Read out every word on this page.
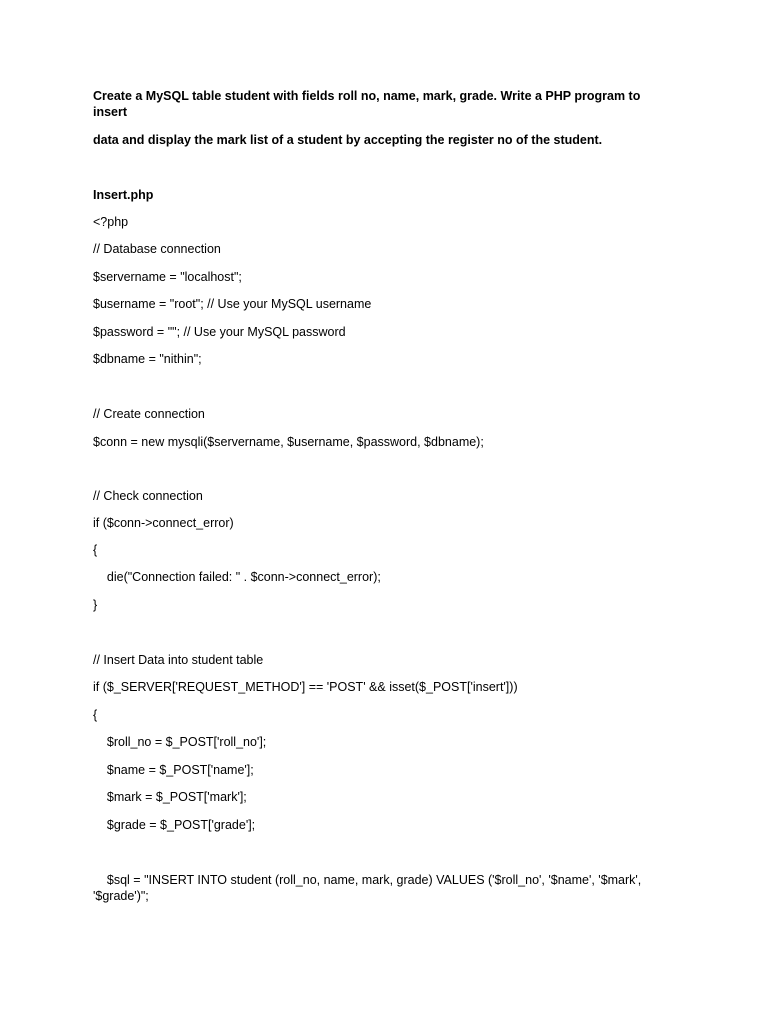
Create a MySQL table student with fields roll no, name, mark, grade. Write a PHP program to insert
data and display the mark list of a student by accepting the register no of the student.
Insert.php
<?php
// Database connection
$servername = "localhost";
$username = "root"; // Use your MySQL username
$password = ""; // Use your MySQL password
$dbname = "nithin";
// Create connection
$conn = new mysqli($servername, $username, $password, $dbname);
// Check connection
if ($conn->connect_error)
{
die("Connection failed: " . $conn->connect_error);
}
// Insert Data into student table
if ($_SERVER['REQUEST_METHOD'] == 'POST' && isset($_POST['insert']))
{
$roll_no = $_POST['roll_no'];
$name = $_POST['name'];
$mark = $_POST['mark'];
$grade = $_POST['grade'];
$sql = "INSERT INTO student (roll_no, name, mark, grade) VALUES ('$roll_no', '$name', '$mark', '$grade')";
